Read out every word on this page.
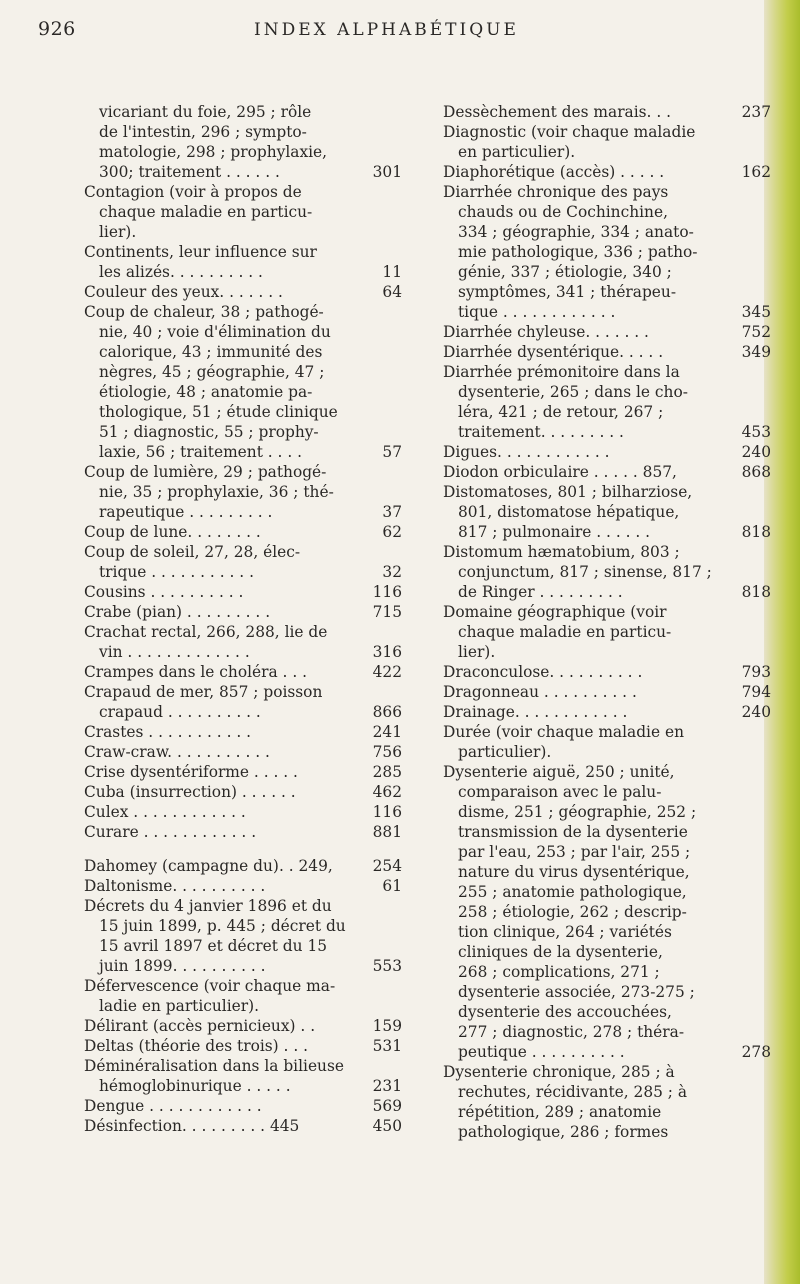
926	INDEX ALPHABÉTIQUE
vicariant du foie, 295 ; rôle
de l'intestin, 296 ; sympto-
matologie, 298 ; prophylaxie,
300; traitement . . . . . .	301
Contagion (voir à propos de
chaque maladie en particu-
lier).
Continents, leur influence sur
les alizés. . . . . . . . . .	11
Couleur des yeux. . . . . . .	64
Coup de chaleur, 38 ; pathogé-
nie, 40 ; voie d'élimination du
calorique, 43 ; immunité des
nègres, 45 ; géographie, 47 ;
étiologie, 48 ; anatomie pa-
thologique, 51 ; étude clinique
51 ; diagnostic, 55 ; prophy-
laxie, 56 ; traitement . . . .	57
Coup de lumière, 29 ; pathogé-
nie, 35 ; prophylaxie, 36 ; thé-
rapeutique . . . . . . . . .	37
Coup de lune. . . . . . . .	62
Coup de soleil, 27, 28, élec-
trique . . . . . . . . . . .	32
Cousins . . . . . . . . . .	116
Crabe (pian) . . . . . . . . .	715
Crachat rectal, 266, 288, lie de
vin . . . . . . . . . . . . .	316
Crampes dans le choléra . . .	422
Crapaud de mer, 857 ; poisson
crapaud . . . . . . . . . .	866
Crastes . . . . . . . . . . .	241
Craw-craw. . . . . . . . . . .	756
Crise dysentériforme . . . . .	285
Cuba (insurrection) . . . . . .	462
Culex . . . . . . . . . . . .	116
Curare . . . . . . . . . . . .	881
Dahomey (campagne du). . 249,	254
Daltonisme. . . . . . . . . .	61
Décrets du 4 janvier 1896 et du
15 juin 1899, p. 445 ; décret du
15 avril 1897 et décret du 15
juin 1899. . . . . . . . . .	553
Défervescence (voir chaque ma-
ladie en particulier).
Délirant (accès pernicieux) . .	159
Deltas (théorie des trois) . . .	531
Déminéralisation dans la bilieuse
hémoglobinurique . . . . .	231
Dengue . . . . . . . . . . . .	569
Désinfection. . . . . . . . . 445	450
Dessèchement des marais. . .	237
Diagnostic (voir chaque maladie
en particulier).
Diaphorétique (accès) . . . . .	162
Diarrhée chronique des pays
chauds ou de Cochinchine,
334 ; géographie, 334 ; anato-
mie pathologique, 336 ; patho-
génie, 337 ; étiologie, 340 ;
symptômes, 341 ; thérapeu-
tique . . . . . . . . . . . .	345
Diarrhée chyleuse. . . . . . .	752
Diarrhée dysentérique. . . . .	349
Diarrhée prémonitoire dans la
dysenterie, 265 ; dans le cho-
léra, 421 ; de retour, 267 ;
traitement. . . . . . . . .	453
Digues. . . . . . . . . . . .	240
Diodon orbiculaire . . . . . 857,	868
Distomatoses, 801 ; bilharziose,
801, distomatose hépatique,
817 ; pulmonaire . . . . . .	818
Distomum hæmatobium, 803 ;
conjunctum, 817 ; sinense, 817 ;
de Ringer . . . . . . . . .	818
Domaine géographique (voir
chaque maladie en particu-
lier).
Draconculose. . . . . . . . . .	793
Dragonneau . . . . . . . . . .	794
Drainage. . . . . . . . . . . .	240
Durée (voir chaque maladie en
particulier).
Dysenterie aiguë, 250 ; unité,
comparaison avec le palu-
disme, 251 ; géographie, 252 ;
transmission de la dysenterie
par l'eau, 253 ; par l'air, 255 ;
nature du virus dysentérique,
255 ; anatomie pathologique,
258 ; étiologie, 262 ; descrip-
tion clinique, 264 ; variétés
cliniques de la dysenterie,
268 ; complications, 271 ;
dysenterie associée, 273-275 ;
dysenterie des accouchées,
277 ; diagnostic, 278 ; théra-
peutique . . . . . . . . . .	278
Dysenterie chronique, 285 ; à
rechutes, récidivante, 285 ; à
répétition, 289 ; anatomie
pathologique, 286 ; formes
